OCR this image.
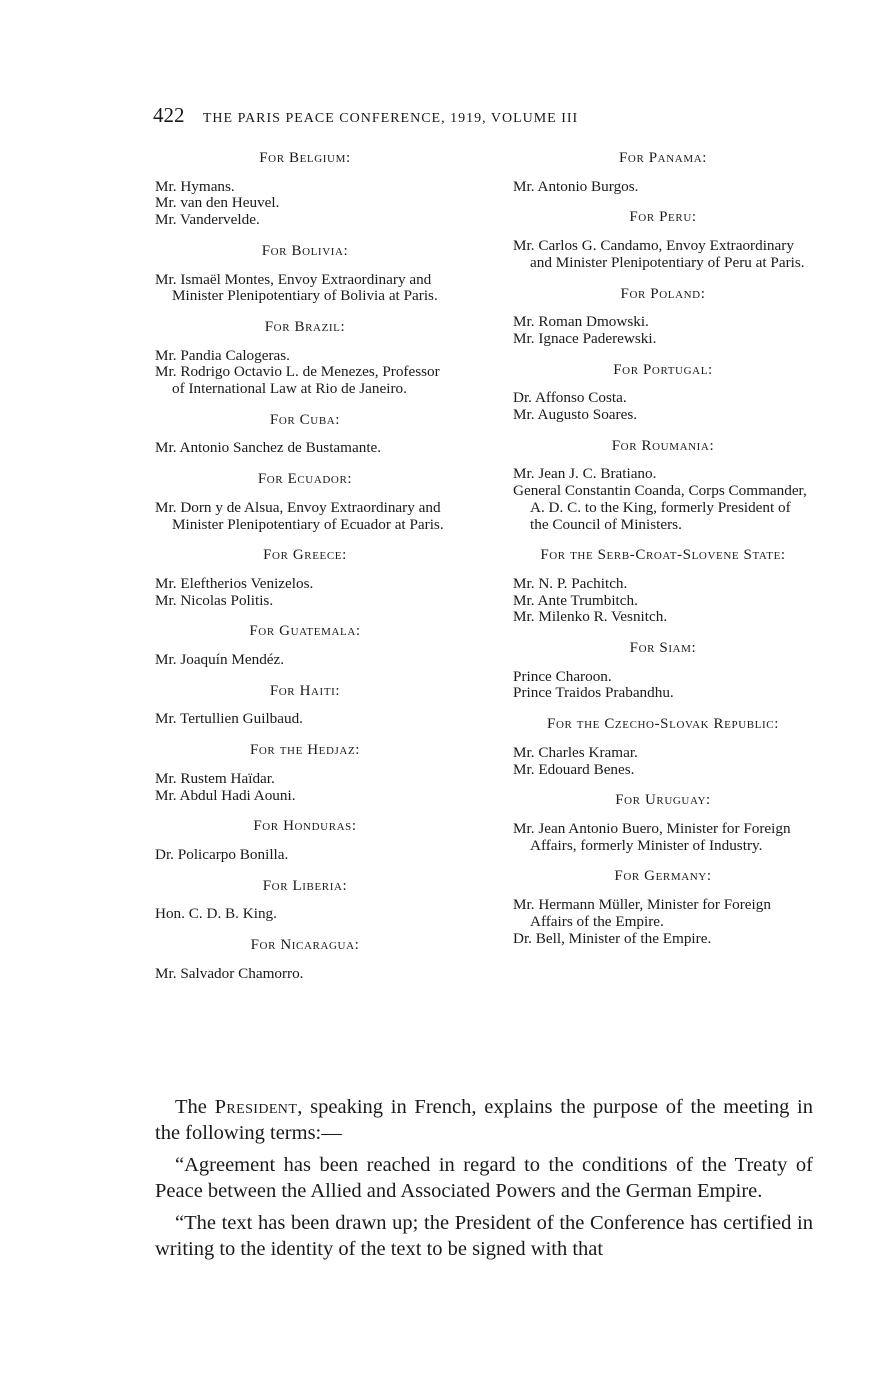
422 THE PARIS PEACE CONFERENCE, 1919, VOLUME III
For Belgium:
Mr. Hymans.
Mr. van den Heuvel.
Mr. Vandervelde.
For Bolivia:
Mr. Ismaël Montes, Envoy Extraordinary and Minister Plenipotentiary of Bolivia at Paris.
For Brazil:
Mr. Pandia Calogeras.
Mr. Rodrigo Octavio L. de Menezes, Professor of International Law at Rio de Janeiro.
For Cuba:
Mr. Antonio Sanchez de Bustamante.
For Ecuador:
Mr. Dorn y de Alsua, Envoy Extraordinary and Minister Plenipotentiary of Ecuador at Paris.
For Greece:
Mr. Eleftherios Venizelos.
Mr. Nicolas Politis.
For Guatemala:
Mr. Joaquín Mendéz.
For Haiti:
Mr. Tertullien Guilbaud.
For the Hedjaz:
Mr. Rustem Haïdar.
Mr. Abdul Hadi Aouni.
For Honduras:
Dr. Policarpo Bonilla.
For Liberia:
Hon. C. D. B. King.
For Nicaragua:
Mr. Salvador Chamorro.
For Panama:
Mr. Antonio Burgos.
For Peru:
Mr. Carlos G. Candamo, Envoy Extraordinary and Minister Plenipotentiary of Peru at Paris.
For Poland:
Mr. Roman Dmowski.
Mr. Ignace Paderewski.
For Portugal:
Dr. Affonso Costa.
Mr. Augusto Soares.
For Roumania:
Mr. Jean J. C. Bratiano.
General Constantin Coanda, Corps Commander, A. D. C. to the King, formerly President of the Council of Ministers.
For the Serb-Croat-Slovene State:
Mr. N. P. Pachitch.
Mr. Ante Trumbitch.
Mr. Milenko R. Vesnitch.
For Siam:
Prince Charoon.
Prince Traidos Prabandhu.
For the Czecho-Slovak Republic:
Mr. Charles Kramar.
Mr. Edouard Benes.
For Uruguay:
Mr. Jean Antonio Buero, Minister for Foreign Affairs, formerly Minister of Industry.
For Germany:
Mr. Hermann Müller, Minister for Foreign Affairs of the Empire.
Dr. Bell, Minister of the Empire.

The President, speaking in French, explains the purpose of the meeting in the following terms:—

“Agreement has been reached in regard to the conditions of the Treaty of Peace between the Allied and Associated Powers and the German Empire.

“The text has been drawn up; the President of the Conference has certified in writing to the identity of the text to be signed with that
